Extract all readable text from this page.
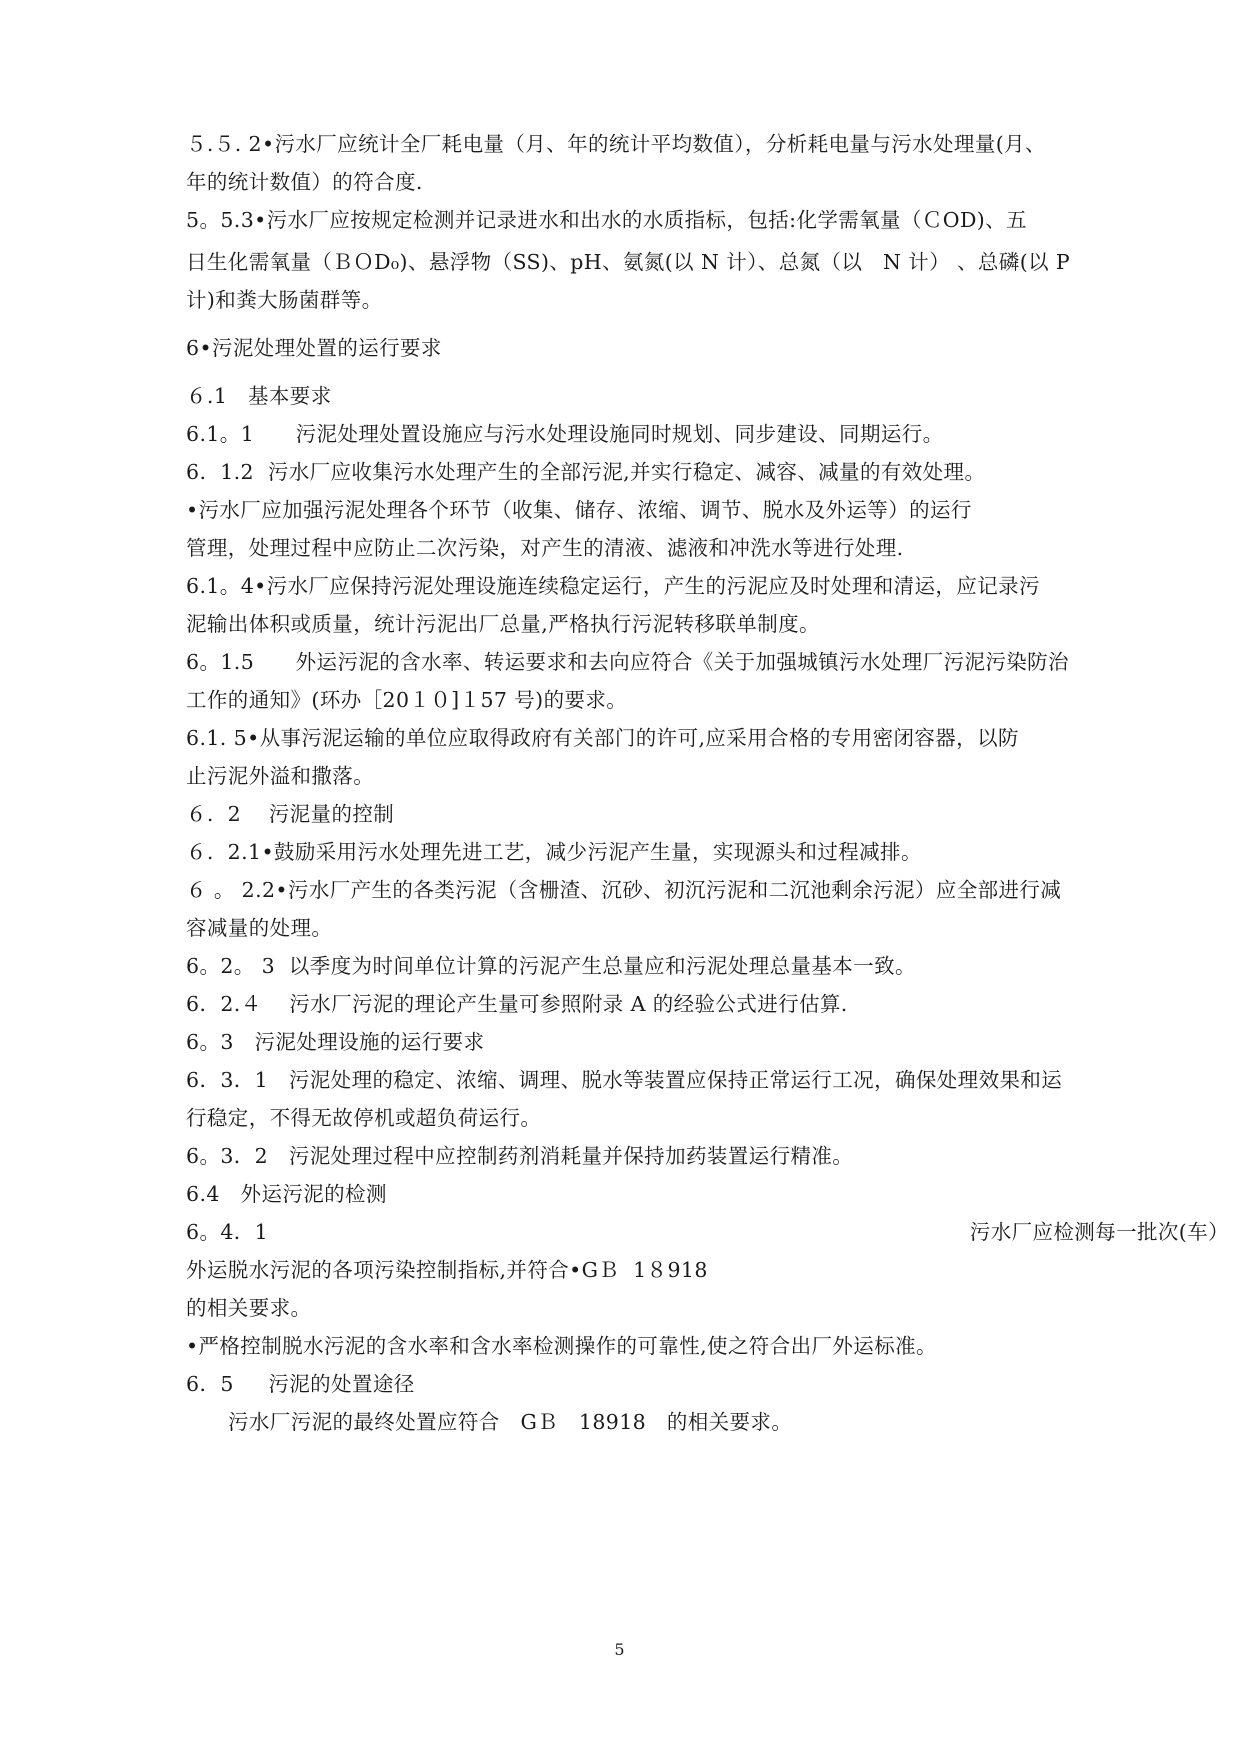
５.５. 2•污水厂应统计全厂耗电量（月、年的统计平均数值），分析耗电量与污水处理量(月、
年的统计数值）的符合度.
5。5.3•污水厂应按规定检测并记录进水和出水的水质指标，包括:化学需氧量（ＣOD)、五
日生化需氧量（ＢＯD₀)、悬浮物（SS)、pH、氨氮(以 N 计）、总氮（以   N 计） 、总磷(以 P
计)和粪大肠菌群等。
6•污泥处理处置的运行要求
６.1   基本要求
6.1。1      污泥处理处置设施应与污水处理设施同时规划、同步建设、同期运行。
6.  1.2  污水厂应收集污水处理产生的全部污泥,并实行稳定、减容、减量的有效处理。
•污水厂应加强污泥处理各个环节（收集、储存、浓缩、调节、脱水及外运等）的运行
管理，处理过程中应防止二次污染，对产生的清液、滤液和冲洗水等进行处理.
6.1。4•污水厂应保持污泥处理设施连续稳定运行，产生的污泥应及时处理和清运，应记录污
泥输出体积或质量，统计污泥出厂总量,严格执行污泥转移联单制度。
6。1.5      外运污泥的含水率、转运要求和去向应符合《关于加强城镇污水处理厂污泥污染防治
工作的通知》(环办［20１０]１57 号)的要求。
6.1. 5•从事污泥运输的单位应取得政府有关部门的许可,应采用合格的专用密闭容器，以防
止污泥外溢和撒落。
６.  2    污泥量的控制
６.  2.1•鼓励采用污水处理先进工艺，减少污泥产生量，实现源头和过程减排。
６ 。 2.2•污水厂产生的各类污泥（含栅渣、沉砂、初沉污泥和二沉池剩余污泥）应全部进行减
容减量的处理。
6。2。 3  以季度为时间单位计算的污泥产生总量应和污泥处理总量基本一致。
6．2.４    污水厂污泥的理论产生量可参照附录 A 的经验公式进行估算.
6。3   污泥处理设施的运行要求
6．3．1   污泥处理的稳定、浓缩、调理、脱水等装置应保持正常运行工况，确保处理效果和运
行稳定，不得无故停机或超负荷运行。
6。3．2   污泥处理过程中应控制药剂消耗量并保持加药装置运行精准。
6.4   外运污泥的检测
6。4．1	污水厂应检测每一批次(车）
外运脱水污泥的各项污染控制指标,并符合•GＢ  1８918
的相关要求。
•严格控制脱水污泥的含水率和含水率检测操作的可靠性,使之符合出厂外运标准。
6．5     污泥的处置途径
污水厂污泥的最终处置应符合   GＢ   18918   的相关要求。
5
